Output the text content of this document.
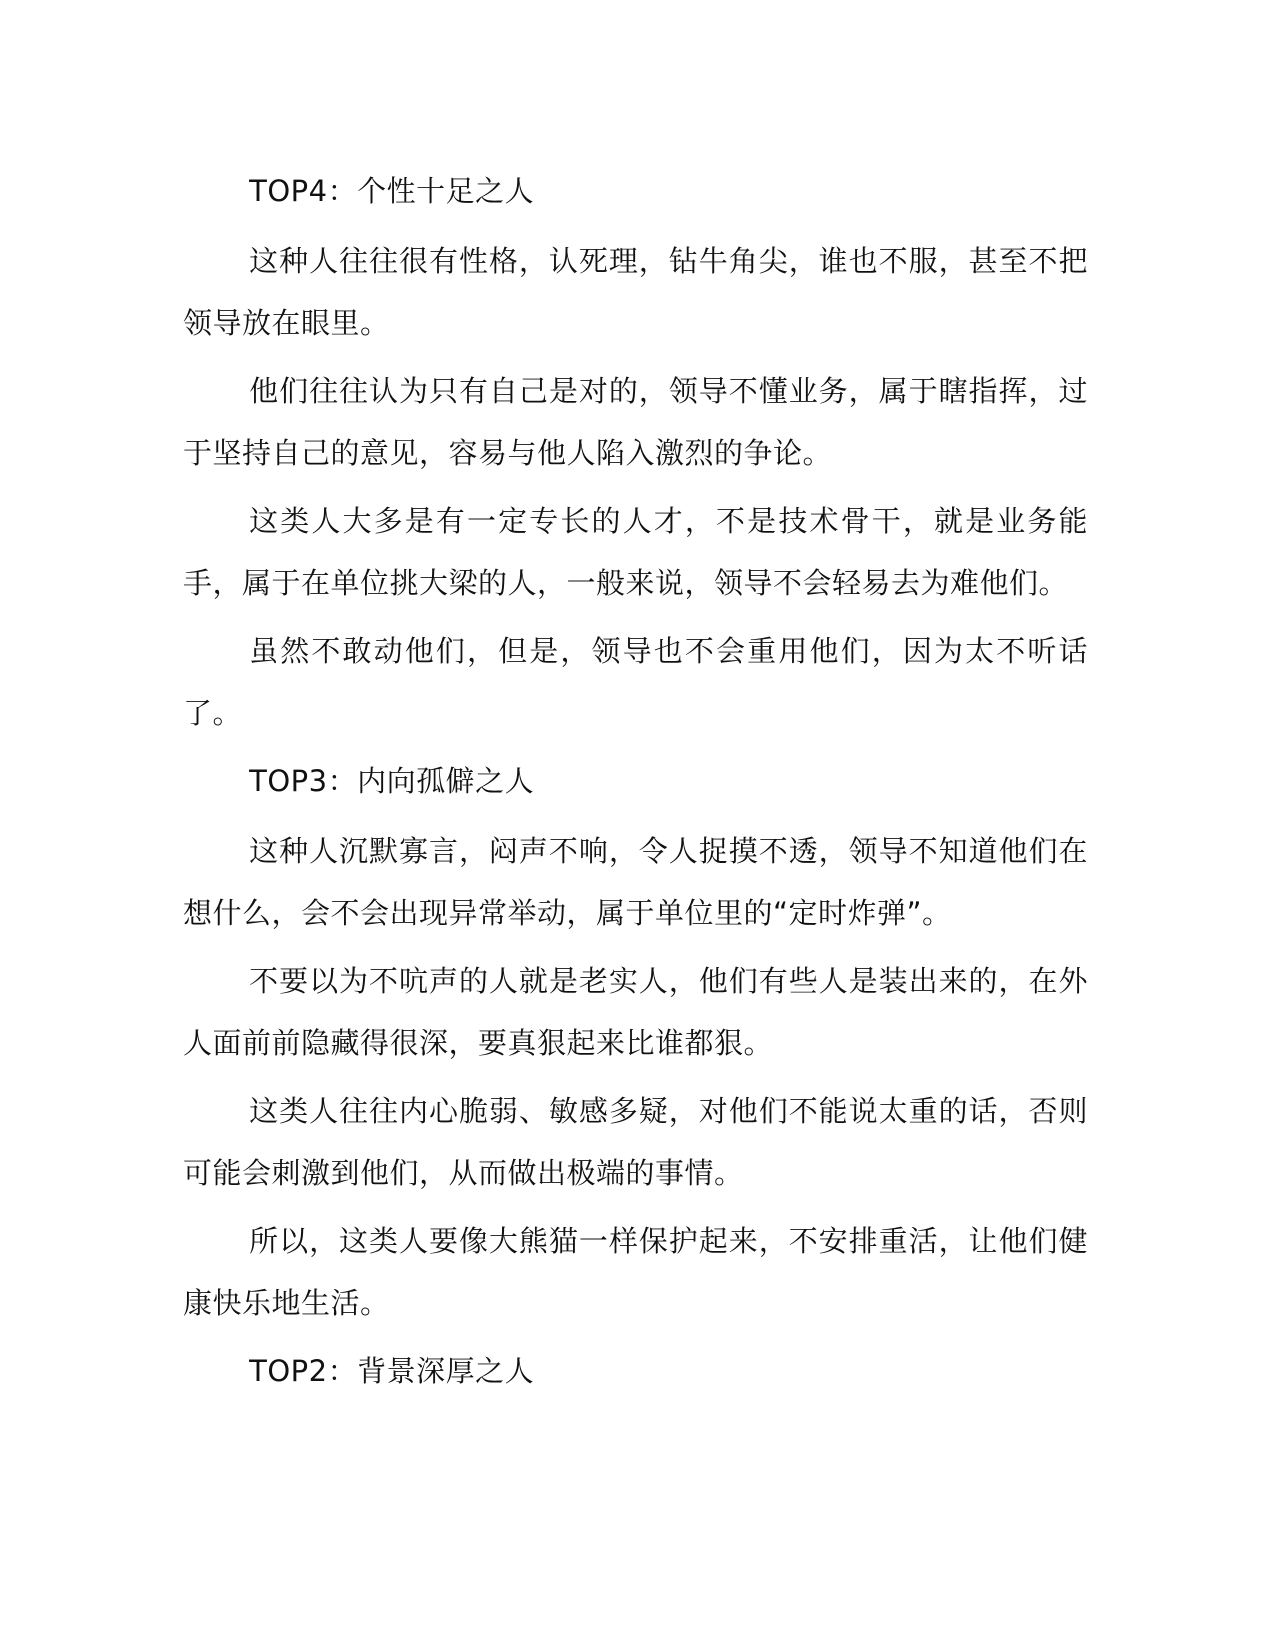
TOP4：个性十足之人

这种人往往很有性格，认死理，钻牛角尖，谁也不服，甚至不把领导放在眼里。

他们往往认为只有自己是对的，领导不懂业务，属于瞎指挥，过于坚持自己的意见，容易与他人陷入激烈的争论。

这类人大多是有一定专长的人才，不是技术骨干，就是业务能手，属于在单位挑大梁的人，一般来说，领导不会轻易去为难他们。

虽然不敢动他们，但是，领导也不会重用他们，因为太不听话了。

TOP3：内向孤僻之人

这种人沉默寡言，闷声不响，令人捉摸不透，领导不知道他们在想什么，会不会出现异常举动，属于单位里的“定时炸弹”。

不要以为不吭声的人就是老实人，他们有些人是装出来的，在外人面前前隐藏得很深，要真狠起来比谁都狠。

这类人往往内心脆弱、敏感多疑，对他们不能说太重的话，否则可能会刺激到他们，从而做出极端的事情。

所以，这类人要像大熊猫一样保护起来，不安排重活，让他们健康快乐地生活。

TOP2：背景深厚之人
